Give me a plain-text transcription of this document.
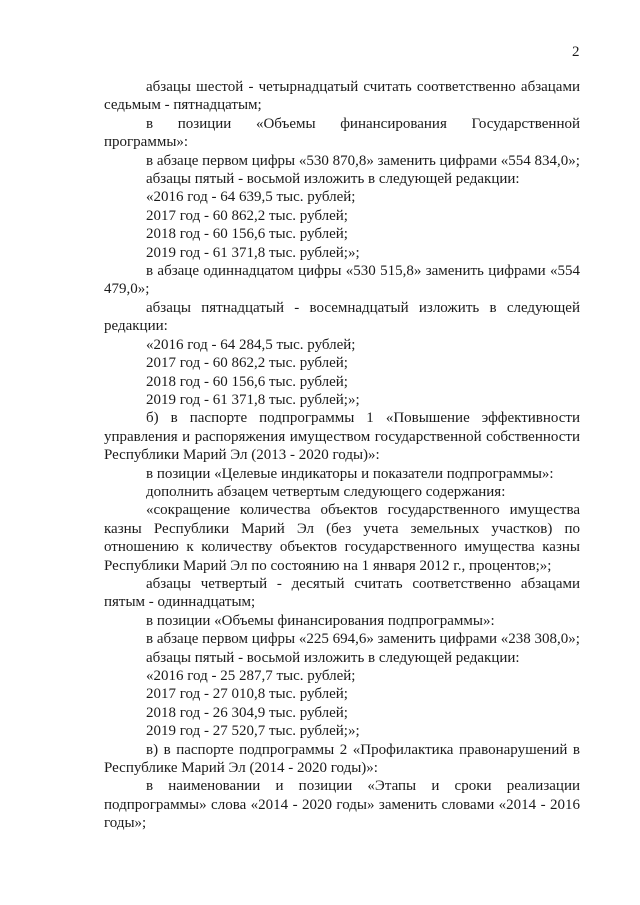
2

абзацы шестой - четырнадцатый считать соответственно абзацами седьмым - пятнадцатым;

в позиции «Объемы финансирования Государственной программы»:

в абзаце первом цифры «530 870,8» заменить цифрами «554 834,0»;

абзацы пятый - восьмой изложить в следующей редакции:

«2016 год - 64 639,5 тыс. рублей;

2017 год - 60 862,2 тыс. рублей;

2018 год - 60 156,6 тыс. рублей;

2019 год - 61 371,8 тыс. рублей;»;

в абзаце одиннадцатом цифры «530 515,8» заменить цифрами «554 479,0»;

абзацы пятнадцатый - восемнадцатый изложить в следующей редакции:

«2016 год - 64 284,5 тыс. рублей;

2017 год - 60 862,2 тыс. рублей;

2018 год - 60 156,6 тыс. рублей;

2019 год - 61 371,8 тыс. рублей;»;

б) в паспорте подпрограммы 1 «Повышение эффективности управления и распоряжения имуществом государственной собственности Республики Марий Эл (2013 - 2020 годы)»:

в позиции «Целевые индикаторы и показатели подпрограммы»:

дополнить абзацем четвертым следующего содержания:

«сокращение количества объектов государственного имущества казны Республики Марий Эл (без учета земельных участков) по отношению к количеству объектов государственного имущества казны Республики Марий Эл по состоянию на 1 января 2012 г., процентов;»;

абзацы четвертый - десятый считать соответственно абзацами пятым - одиннадцатым;

в позиции «Объемы финансирования подпрограммы»:

в абзаце первом цифры «225 694,6» заменить цифрами «238 308,0»;

абзацы пятый - восьмой изложить в следующей редакции:

«2016 год - 25 287,7 тыс. рублей;

2017 год - 27 010,8 тыс. рублей;

2018 год - 26 304,9 тыс. рублей;

2019 год - 27 520,7 тыс. рублей;»;

в) в паспорте подпрограммы 2 «Профилактика правонарушений в Республике Марий Эл (2014 - 2020 годы)»:

в наименовании и позиции «Этапы и сроки реализации подпрограммы» слова «2014 - 2020 годы» заменить словами «2014 - 2016 годы»;
